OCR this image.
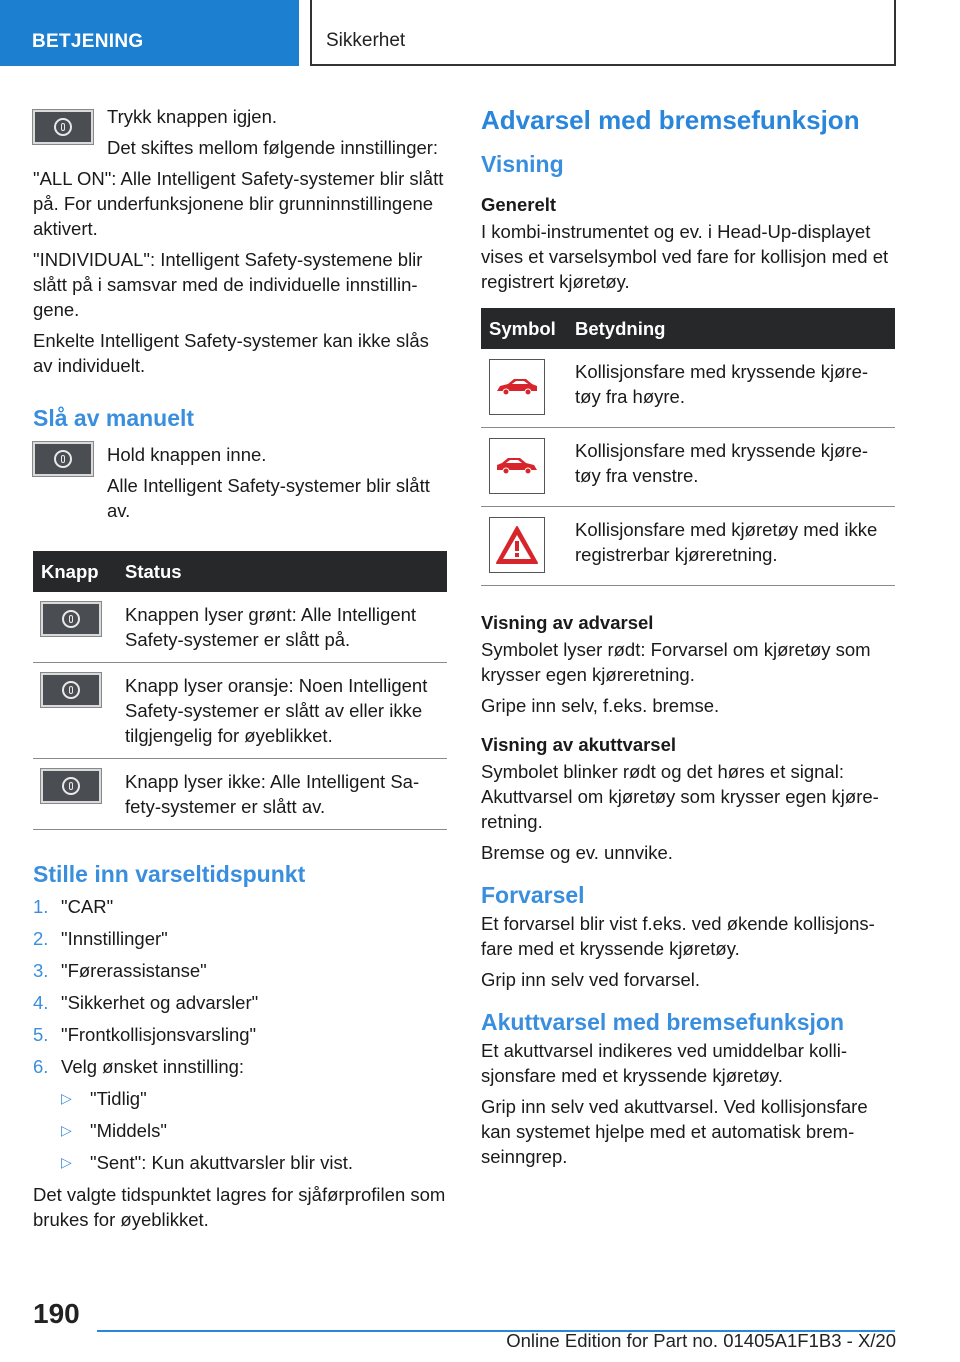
BETJENING	Sikkerhet

Trykk knappen igjen.

Det skiftes mellom følgende innstillinger:

"ALL ON": Alle Intelligent Safety-systemer blir slått på. For underfunksjonene blir grunninnstillingene aktivert.

"INDIVIDUAL": Intelligent Safety-systemene blir slått på i samsvar med de individuelle innstillingene.

Enkelte Intelligent Safety-systemer kan ikke slås av individuelt.

Slå av manuelt

Hold knappen inne.

Alle Intelligent Safety-systemer blir slått av.

Knapp	Status

	Knappen lyser grønt: Alle Intelligent Safety-systemer er slått på.

	Knapp lyser oransje: Noen Intelligent Safety-systemer er slått av eller ikke tilgjengelig for øyeblikket.

	Knapp lyser ikke: Alle Intelligent Safety-systemer er slått av.
Stille inn varseltidspunkt
1. "CAR"
2. "Innstillinger"
3. "Førerassistanse"
4. "Sikkerhet og advarsler"
5. "Frontkollisjonsvarsling"
6. Velg ønsket innstilling:
▷ "Tidlig"
▷ "Middels"
▷ "Sent": Kun akuttvarsler blir vist.

Det valgte tidspunktet lagres for sjåførprofilen som brukes for øyeblikket.

Advarsel med bremsefunksjon
Visning
Generelt

I kombi-instrumentet og ev. i Head-Up-displayet vises et varselsymbol ved fare for kollisjon med et registrert kjøretøy.

Symbol	Betydning

	Kollisjonsfare med kryssende kjøretøy fra høyre.

	Kollisjonsfare med kryssende kjøretøy fra venstre.

	Kollisjonsfare med kjøretøy med ikke registrerbar kjøreretning.
Visning av advarsel

Symbolet lyser rødt: Forvarsel om kjøretøy som krysser egen kjøreretning.

Gripe inn selv, f.eks. bremse.

Visning av akuttvarsel

Symbolet blinker rødt og det høres et signal: Akuttvarsel om kjøretøy som krysser egen kjøreretning.

Bremse og ev. unnvike.

Forvarsel

Et forvarsel blir vist f.eks. ved økende kollisjonsfare med et kryssende kjøretøy.

Grip inn selv ved forvarsel.

Akuttvarsel med bremsefunksjon

Et akuttvarsel indikeres ved umiddelbar kollisjonsfare med et kryssende kjøretøy.

Grip inn selv ved akuttvarsel. Ved kollisjonsfare kan systemet hjelpe med et automatisk bremseinngrep.

190
Online Edition for Part no. 01405A1F1B3 - X/20
